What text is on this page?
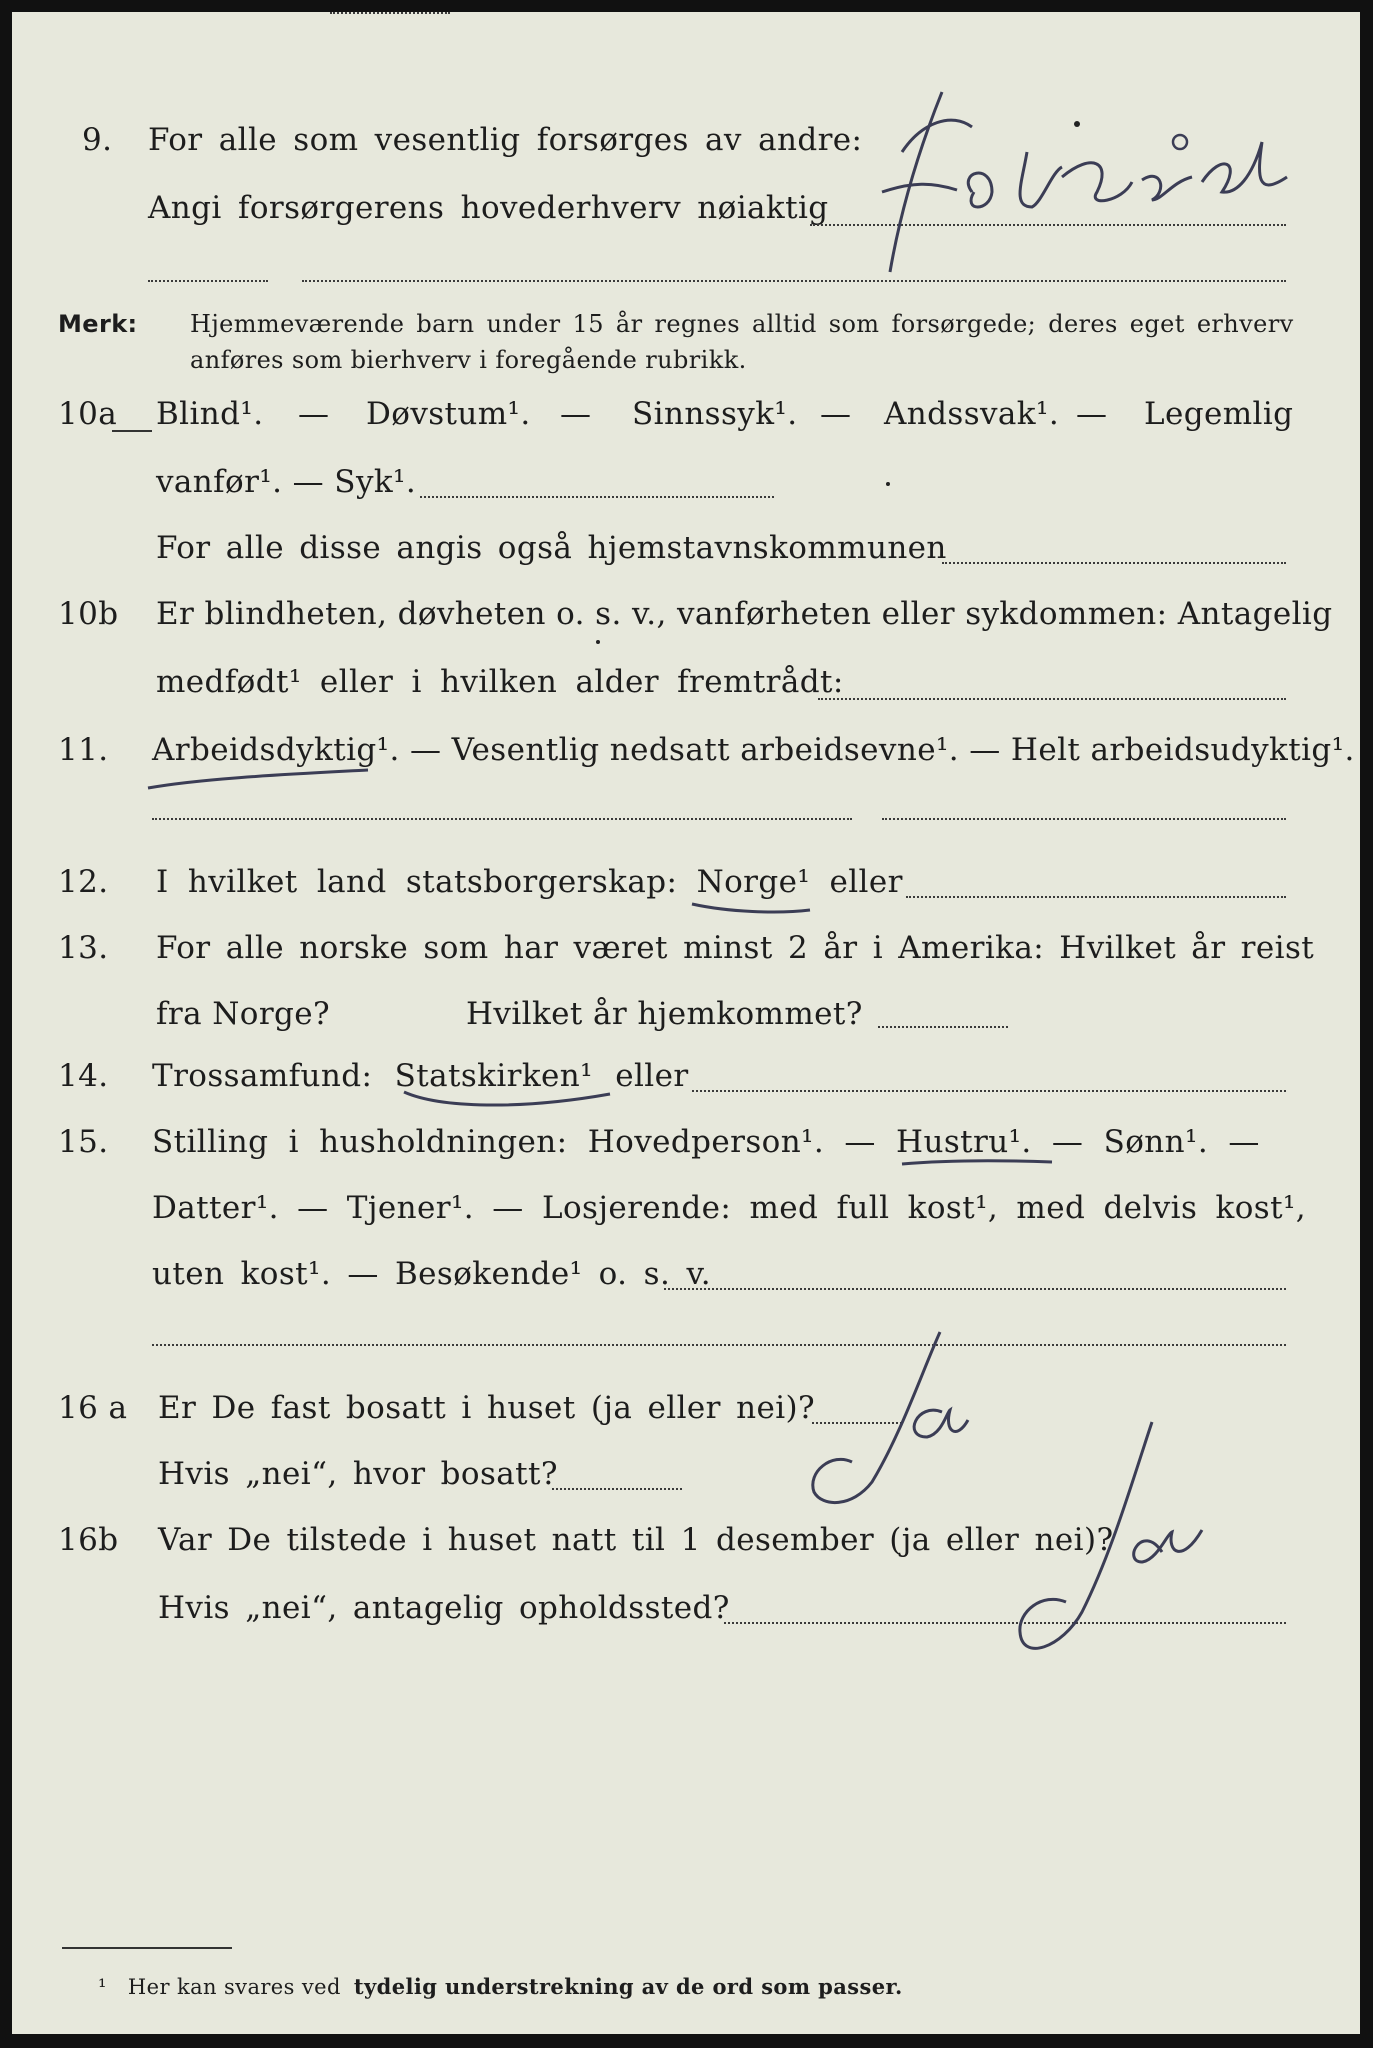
9. For alle som vesentlig forsørges av andre:
Angi forsørgerens hovederhverv nøiaktig
Merk: Hjemmeværende barn under 15 år regnes alltid som forsørgede; deres eget erhverv
anføres som bierhverv i foregående rubrikk.
10a Blind¹. — Døvstum¹. — Sinnssyk¹. — Andssvak¹. — Legemlig
vanfør¹. — Syk¹.
For alle disse angis også hjemstavnskommunen
10b Er blindheten, døvheten o. s. v., vanførheten eller sykdommen: Antagelig
medfødt¹ eller i hvilken alder fremtrådt:
11. Arbeidsdyktig¹. — Vesentlig nedsatt arbeidsevne¹. — Helt arbeidsudyktig¹.
12. I hvilket land statsborgerskap: Norge¹ eller
13. For alle norske som har været minst 2 år i Amerika: Hvilket år reist
fra Norge?	Hvilket år hjemkommet?
14. Trossamfund: Statskirken¹ eller
15. Stilling i husholdningen: Hovedperson¹. — Hustru¹. — Sønn¹. —
Datter¹. — Tjener¹. — Losjerende: med full kost¹, med delvis kost¹,
uten kost¹. — Besøkende¹ o. s. v.
16 a Er De fast bosatt i huset (ja eller nei)?
Hvis „nei“, hvor bosatt?
16b Var De tilstede i huset natt til 1 desember (ja eller nei)?
Hvis „nei“, antagelig opholdssted?
¹ Her kan svares ved tydelig understrekning av de ord som passer.
